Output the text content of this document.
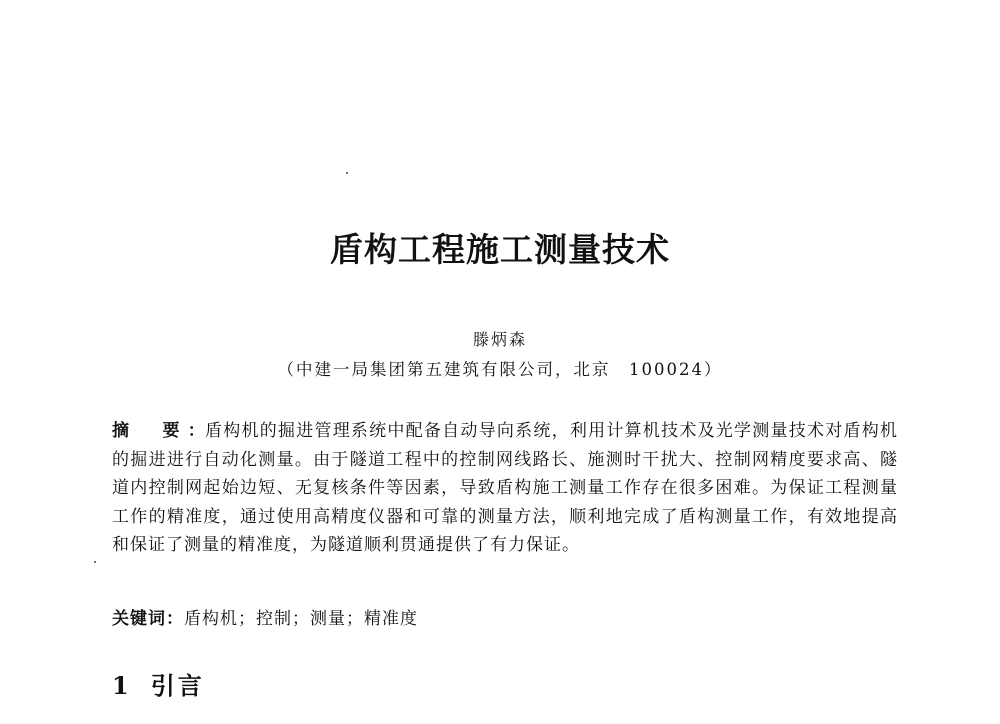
盾构工程施工测量技术
滕炳森
（中建一局集团第五建筑有限公司，北京　100024）
摘　要：盾构机的掘进管理系统中配备自动导向系统，利用计算机技术及光学测量技术对盾构机的掘进进行自动化测量。由于隧道工程中的控制网线路长、施测时干扰大、控制网精度要求高、隧道内控制网起始边短、无复核条件等因素，导致盾构施工测量工作存在很多困难。为保证工程测量工作的精准度，通过使用高精度仪器和可靠的测量方法，顺利地完成了盾构测量工作，有效地提高和保证了测量的精准度，为隧道顺利贯通提供了有力保证。
关键词：盾构机；控制；测量；精准度
1 引言
